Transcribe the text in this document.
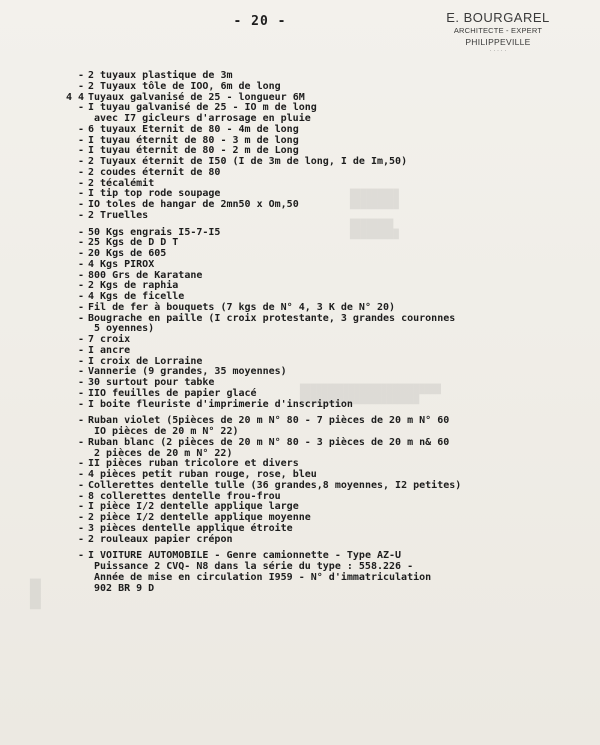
█████████
█████████

████████
█████████
██████████████████████████
██████████████████████
██
██
██
- 20 -	E. BOURGAREL
ARCHITECTE - EXPERT
PHILIPPEVILLE
· · · · ·
- 2 tuyaux plastique de 3m
- 2 Tuyaux tôle de IOO, 6m de long
4 4 Tuyaux galvanisé de 25 - longueur 6M
- I tuyau galvanisé de 25 - IO m de long
avec I7 gicleurs d'arrosage en pluie
- 6 tuyaux Eternit de 80 - 4m de long
- I tuyau éternit de 80 - 3 m de long
- I tuyau éternit de 80 - 2 m de Long
- 2 Tuyaux éternit de I50 (I de 3m de long, I de Im,50)
- 2 coudes éternit de 80
- 2 técalémit
- I tip top rode soupage
- IO toles de hangar de 2mn50 x Om,50
- 2 Truelles
- 50 Kgs engrais I5-7-I5
- 25 Kgs de D D T
- 20 Kgs de 605
- 4 Kgs PIROX
- 800 Grs de Karatane
- 2 Kgs de raphia
- 4 Kgs de ficelle
- Fil de fer à bouquets (7 kgs de N° 4, 3 K de N° 20)
- Bougrache en paille (I croix protestante, 3 grandes couronnes
5 oyennes)
- 7 croix
- I ancre
- I croix de Lorraine
- Vannerie (9 grandes, 35 moyennes)
- 30 surtout pour tabke
- IIO feuilles de papier glacé
- I boite fleuriste d'imprimerie d'inscription
- Ruban violet (5pièces de 20 m N° 80 - 7 pièces de 20 m N° 60
IO pièces de 20 m N° 22)
- Ruban blanc (2 pièces de 20 m N° 80 - 3 pièces de 20 m n& 60
2 pièces de 20 m N° 22)
- II pièces ruban tricolore et divers
- 4 pièces petit ruban rouge, rose, bleu
- Collerettes dentelle tulle (36 grandes,8 moyennes, I2 petites)
- 8 collerettes dentelle frou-frou
- I pièce I/2 dentelle applique large
- 2 pièce I/2 dentelle applique moyenne
- 3 pièces dentelle applique étroite
- 2 rouleaux papier crépon
- I VOITURE AUTOMOBILE - Genre camionnette - Type AZ-U
Puissance 2 CVQ- N8 dans la série du type : 558.226 -
Année de mise en circulation I959 - N° d'immatriculation
902 BR 9 D
